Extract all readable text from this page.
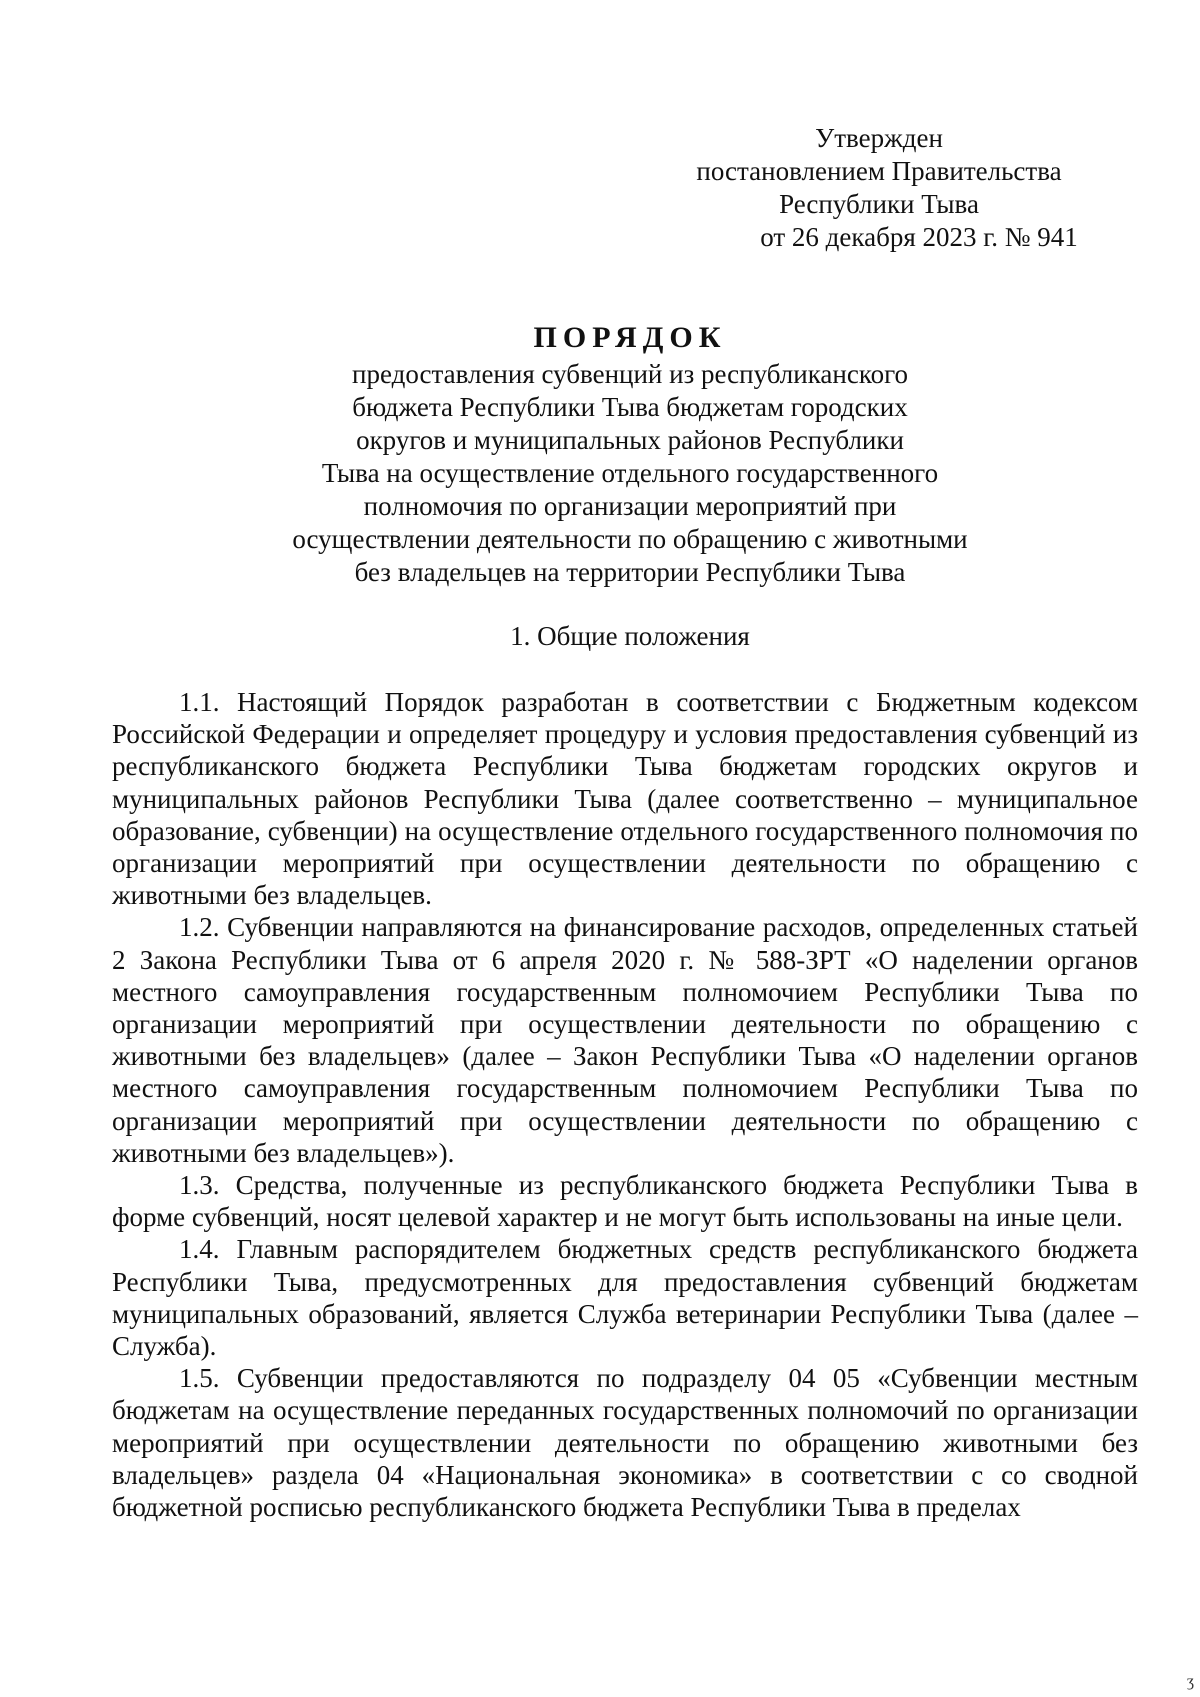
Утвержден
постановлением Правительства
Республики Тыва
от 26 декабря 2023 г. № 941
ПОРЯДОК
предоставления субвенций из республиканского
бюджета Республики Тыва бюджетам городских
округов и муниципальных районов Республики
Тыва на осуществление отдельного государственного
полномочия по организации мероприятий при
осуществлении деятельности по обращению с животными
без владельцев на территории Республики Тыва
1. Общие положения

1.1. Настоящий Порядок разработан в соответствии с Бюджетным кодексом Российской Федерации и определяет процедуру и условия предоставления субвенций из республиканского бюджета Республики Тыва бюджетам городских округов и муниципальных районов Республики Тыва (далее соответственно – муниципальное образование, субвенции) на осуществление отдельного государственного полномочия по организации мероприятий при осуществлении деятельности по обращению с животными без владельцев.

1.2. Субвенции направляются на финансирование расходов, определенных статьей 2 Закона Республики Тыва от 6 апреля 2020 г. № 588-ЗРТ «О наделении органов местного самоуправления государственным полномочием Республики Тыва по организации мероприятий при осуществлении деятельности по обращению с животными без владельцев» (далее – Закон Республики Тыва «О наделении органов местного самоуправления государственным полномочием Республики Тыва по организации мероприятий при осуществлении деятельности по обращению с животными без владельцев»).

1.3. Средства, полученные из республиканского бюджета Республики Тыва в форме субвенций, носят целевой характер и не могут быть использованы на иные цели.

1.4. Главным распорядителем бюджетных средств республиканского бюджета Республики Тыва, предусмотренных для предоставления субвенций бюджетам муниципальных образований, является Служба ветеринарии Республики Тыва (далее – Служба).

1.5. Субвенции предоставляются по подразделу 04 05 «Субвенции местным бюджетам на осуществление переданных государственных полномочий по организации мероприятий при осуществлении деятельности по обращению животными без владельцев» раздела 04 «Национальная экономика» в соответствии с со сводной бюджетной росписью республиканского бюджета Республики Тыва в пределах

ʒ
